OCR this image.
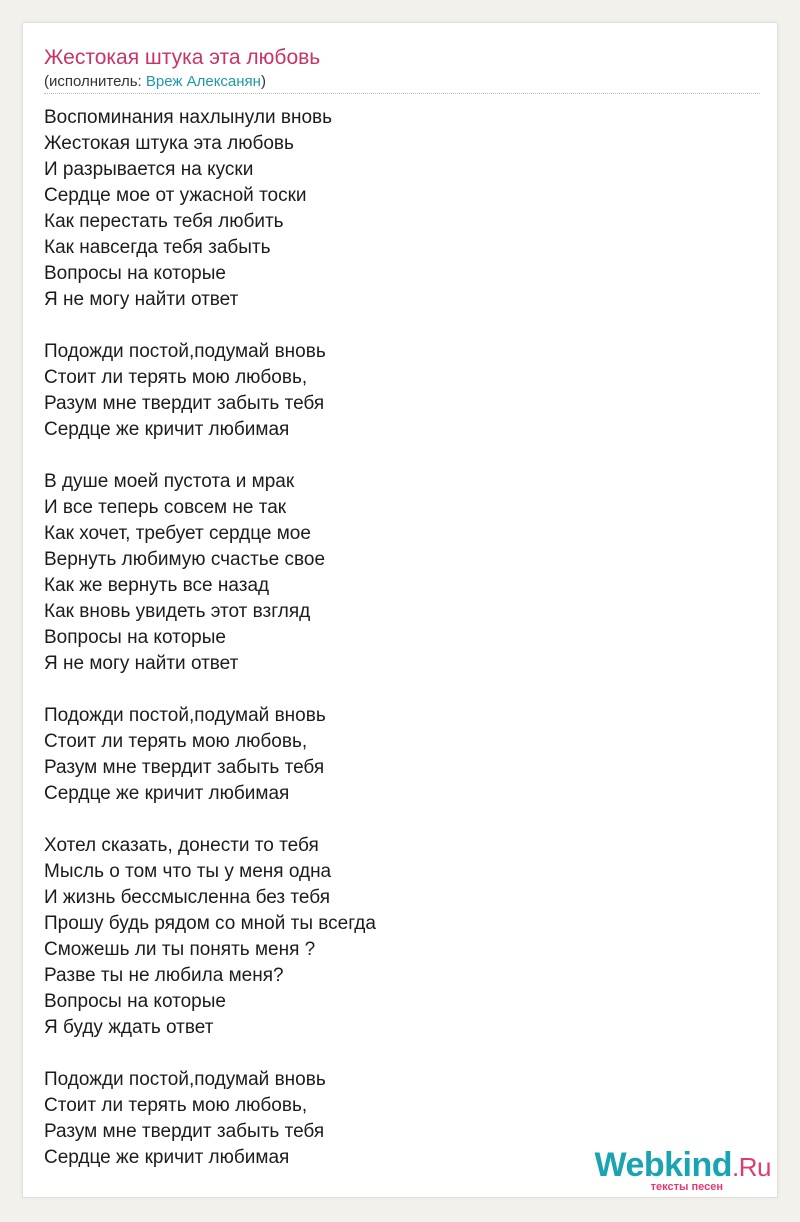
Жестокая штука эта любовь
(исполнитель: Вреж Алексанян)
Воспоминания нахлынули вновь
Жестокая штука эта любовь
И разрывается на куски
Сердце мое от ужасной тоски
Как перестать тебя любить
Как навсегда тебя забыть
Вопросы на которые
Я не могу найти ответ
Подожди постой,подумай вновь
Стоит ли терять мою любовь,
Разум мне твердит забыть тебя
Сердце же кричит любимая
В душе моей пустота и мрак
И все теперь совсем не так
Как хочет, требует сердце мое
Вернуть любимую счастье свое
Как же вернуть все назад
Как вновь увидеть этот взгляд
Вопросы на которые
Я не могу найти ответ
Подожди постой,подумай вновь
Стоит ли терять мою любовь,
Разум мне твердит забыть тебя
Сердце же кричит любимая
Хотел сказать, донести то тебя
Мысль о том что ты у меня одна
И жизнь бессмысленна без тебя
Прошу будь рядом со мной ты всегда
Сможешь ли ты понять меня ?
Разве ты не любила меня?
Вопросы на которые
Я буду ждать ответ
Подожди постой,подумай вновь
Стоит ли терять мою любовь,
Разум мне твердит забыть тебя
Сердце же кричит любимая	Webkind.Ru
тексты песен
